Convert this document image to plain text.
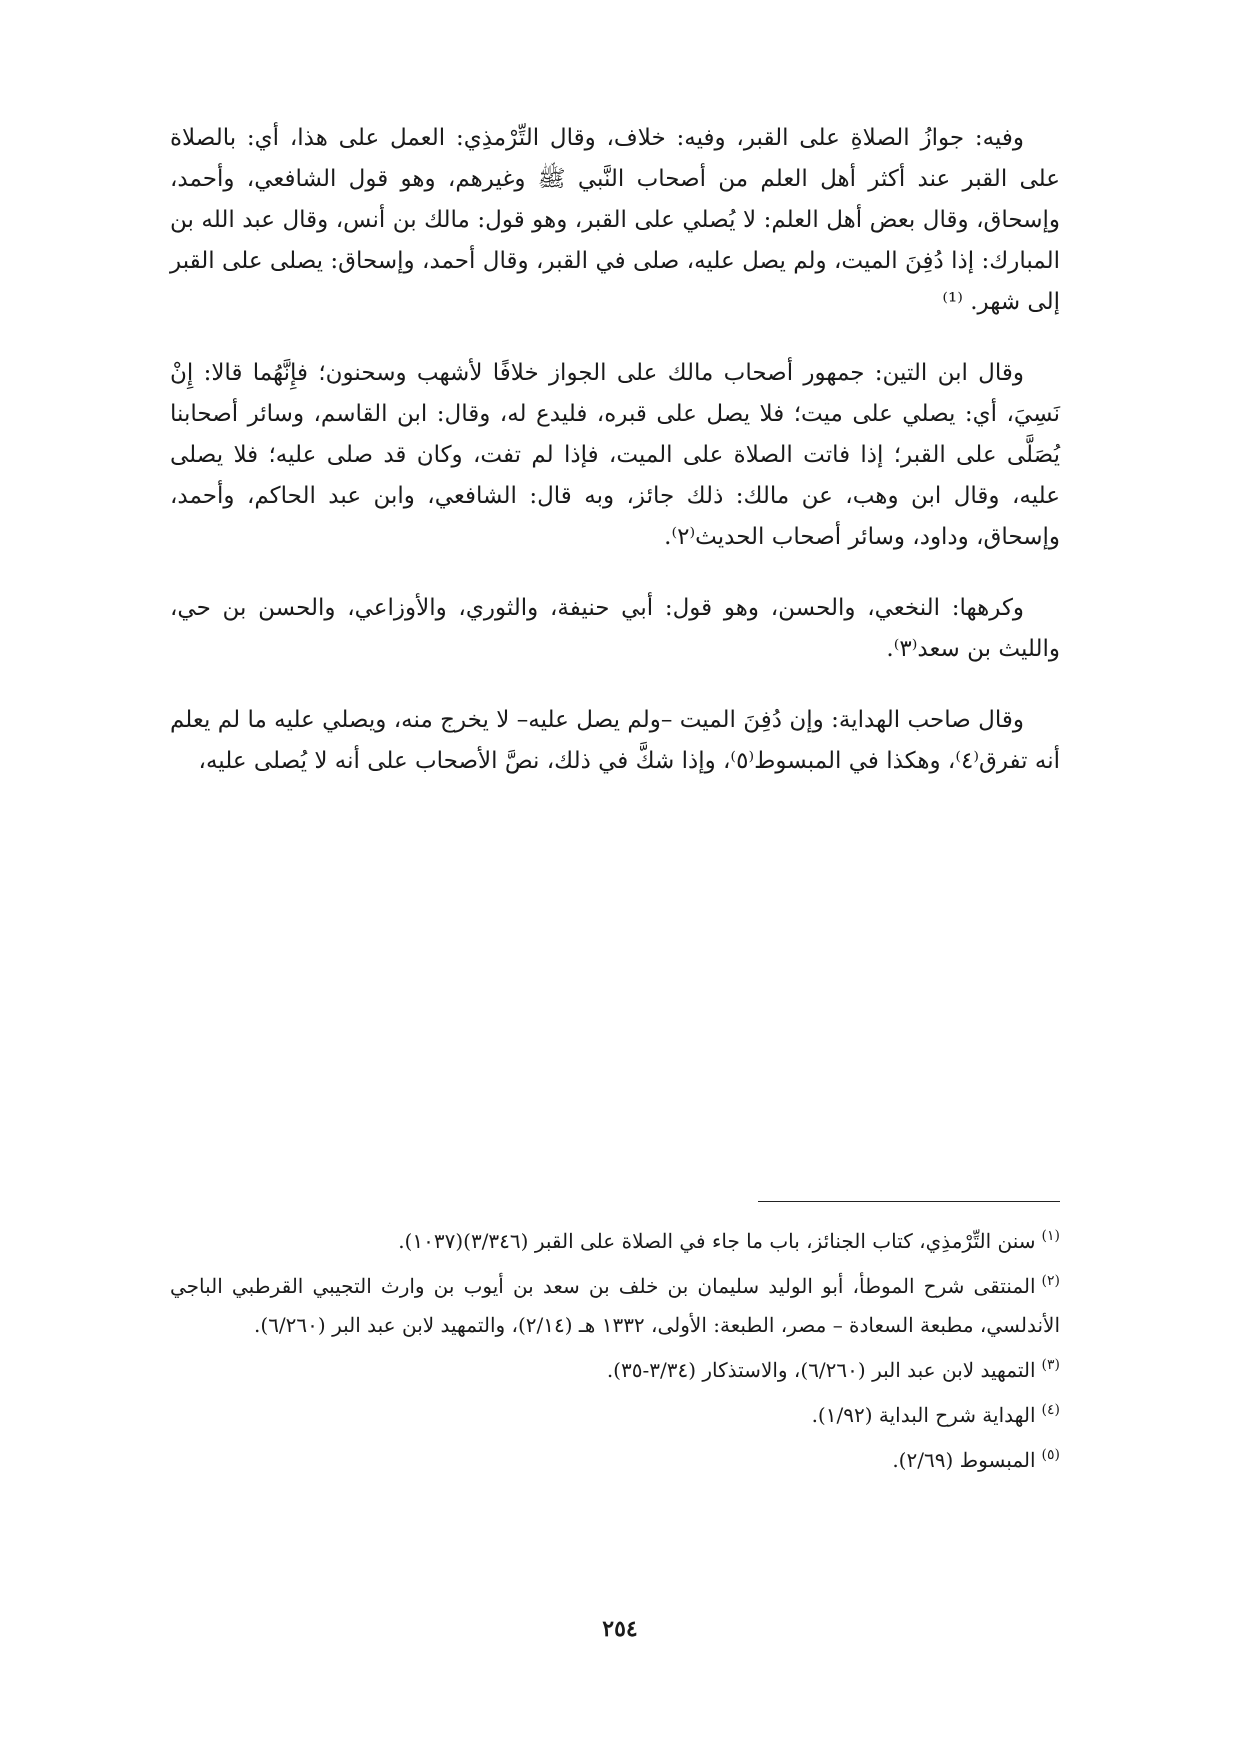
وفيه: جوازُ الصلاةِ على القبر، وفيه: خلاف، وقال التِّرْمذِي: العمل على هذا، أي: بالصلاة على القبر عند أكثر أهل العلم من أصحاب النَّبي ﷺ وغيرهم، وهو قول الشافعي، وأحمد، وإسحاق، وقال بعض أهل العلم: لا يُصلي على القبر، وهو قول: مالك بن أنس، وقال عبد الله بن المبارك: إذا دُفِنَ الميت، ولم يصل عليه، صلى في القبر، وقال أحمد، وإسحاق: يصلى على القبر إلى شهر. ⁽¹⁾

وقال ابن التين: جمهور أصحاب مالك على الجواز خلافًا لأشهب وسحنون؛ فإِنَّهُما قالا: إِنْ نَسِيَ، أي: يصلي على ميت؛ فلا يصل على قبره، فليدع له، وقال: ابن القاسم، وسائر أصحابنا يُصَلَّى على القبر؛ إذا فاتت الصلاة على الميت، فإذا لم تفت، وكان قد صلى عليه؛ فلا يصلى عليه، وقال ابن وهب، عن مالك: ذلك جائز، وبه قال: الشافعي، وابن عبد الحاكم، وأحمد، وإسحاق، وداود، وسائر أصحاب الحديث⁽٢⁾.

وكرهها: النخعي، والحسن، وهو قول: أبي حنيفة، والثوري، والأوزاعي، والحسن بن حي، والليث بن سعد⁽٣⁾.

وقال صاحب الهداية: وإن دُفِنَ الميت –ولم يصل عليه– لا يخرج منه، ويصلي عليه ما لم يعلم أنه تفرق⁽٤⁾، وهكذا في المبسوط⁽٥⁾، وإذا شكَّ في ذلك، نصَّ الأصحاب على أنه لا يُصلى عليه،

$^{(١)}$سنن التِّرْمذِي، كتاب الجنائز، باب ما جاء في الصلاة على القبر (٣/٣٤٦)(١٠٣٧).
$^{(٢)}$المنتقى شرح الموطأ، أبو الوليد سليمان بن خلف بن سعد بن أيوب بن وارث التجيبي القرطبي الباجي الأندلسي، مطبعة السعادة – مصر، الطبعة: الأولى، ١٣٣٢ هـ (٢/١٤)، والتمهيد لابن عبد البر (٦/٢٦٠).
$^{(٣)}$التمهيد لابن عبد البر (٦/٢٦٠)، والاستذكار (٣/٣٤-٣٥).
$^{(٤)}$الهداية شرح البداية (١/٩٢).
$^{(٥)}$المبسوط (٢/٦٩).
٢٥٤
